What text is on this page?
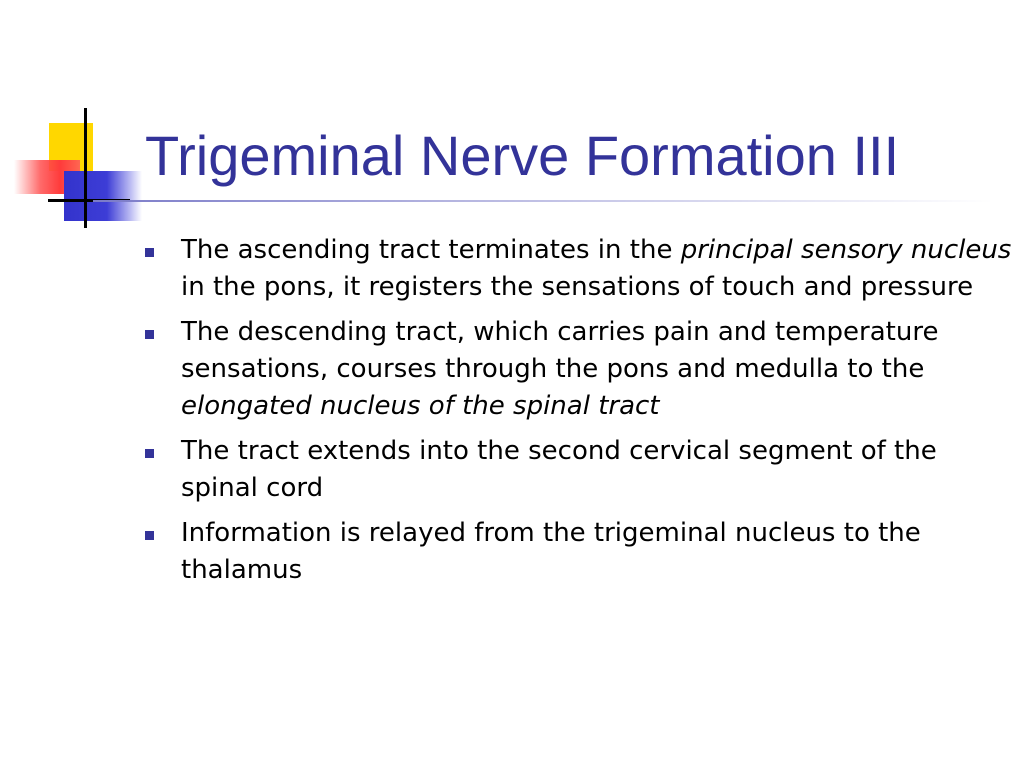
Trigeminal Nerve Formation III
The ascending tract terminates in the principal sensory nucleus in the pons, it registers the sensations of touch and pressure
The descending tract, which carries pain and temperature sensations, courses through the pons and medulla to the elongated nucleus of the spinal tract
The tract extends into the second cervical segment of the spinal cord
Information is relayed from the trigeminal nucleus to the thalamus
